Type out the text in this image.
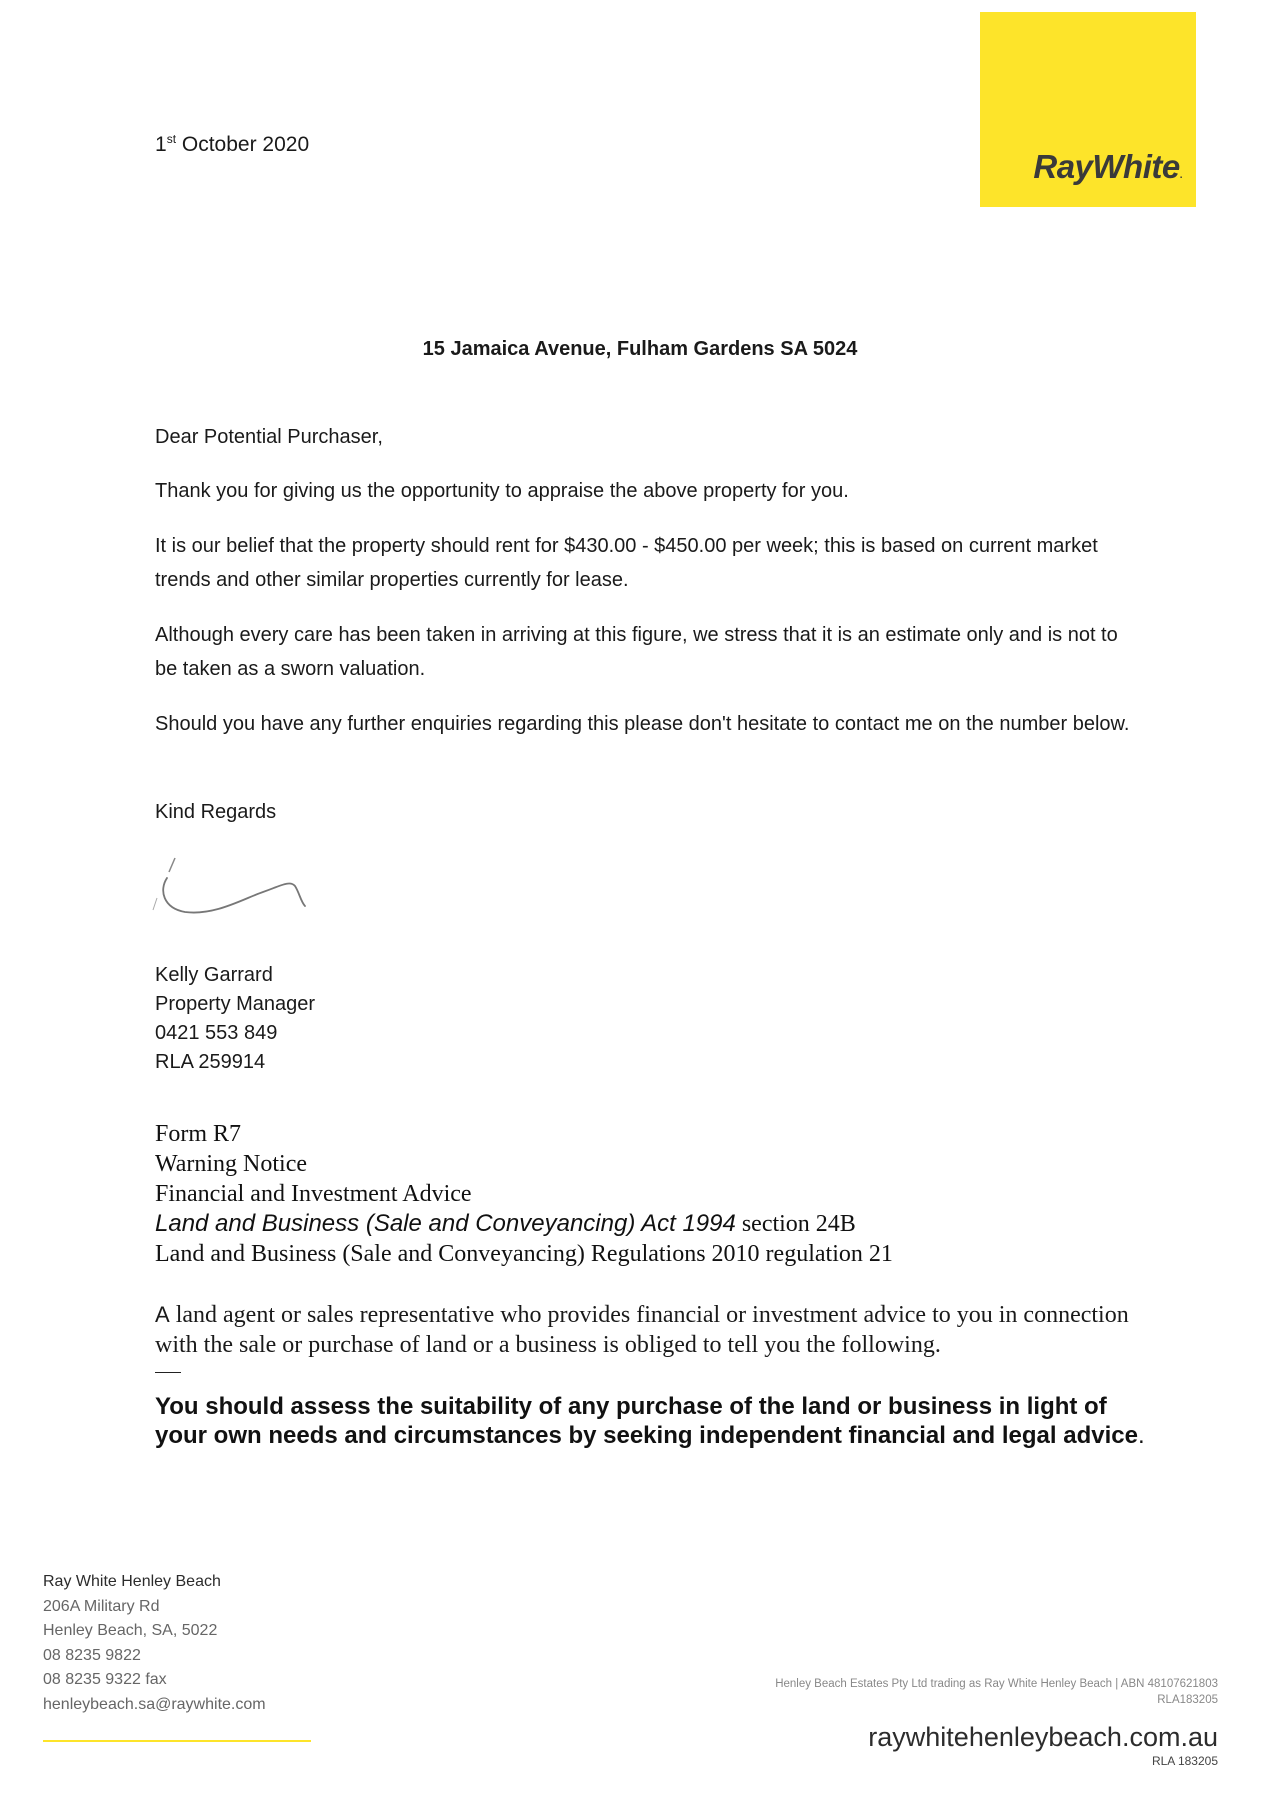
RayWhite.
1st October 2020
15 Jamaica Avenue, Fulham Gardens SA 5024

Dear Potential Purchaser,

Thank you for giving us the opportunity to appraise the above property for you.

It is our belief that the property should rent for $430.00 - $450.00 per week; this is based on current market trends and other similar properties currently for lease.

Although every care has been taken in arriving at this figure, we stress that it is an estimate only and is not to be taken as a sworn valuation.

Should you have any further enquiries regarding this please don't hesitate to contact me on the number below.

Kind Regards

Kelly Garrard
Property Manager
0421 553 849
RLA 259914
Form R7
Warning Notice
Financial and Investment Advice
Land and Business (Sale and Conveyancing) Act 1994 section 24B
Land and Business (Sale and Conveyancing) Regulations 2010 regulation 21
A land agent or sales representative who provides financial or investment advice to you in connection with the sale or purchase of land or a business is obliged to tell you the following.
You should assess the suitability of any purchase of the land or business in light of your own needs and circumstances by seeking independent financial and legal advice.
Ray White Henley Beach
206A Military Rd
Henley Beach, SA, 5022
08 8235 9822
08 8235 9322 fax
henleybeach.sa@raywhite.com
Henley Beach Estates Pty Ltd trading as Ray White Henley Beach | ABN 48107621803
RLA183205
raywhitehenleybeach.com.au
RLA 183205
